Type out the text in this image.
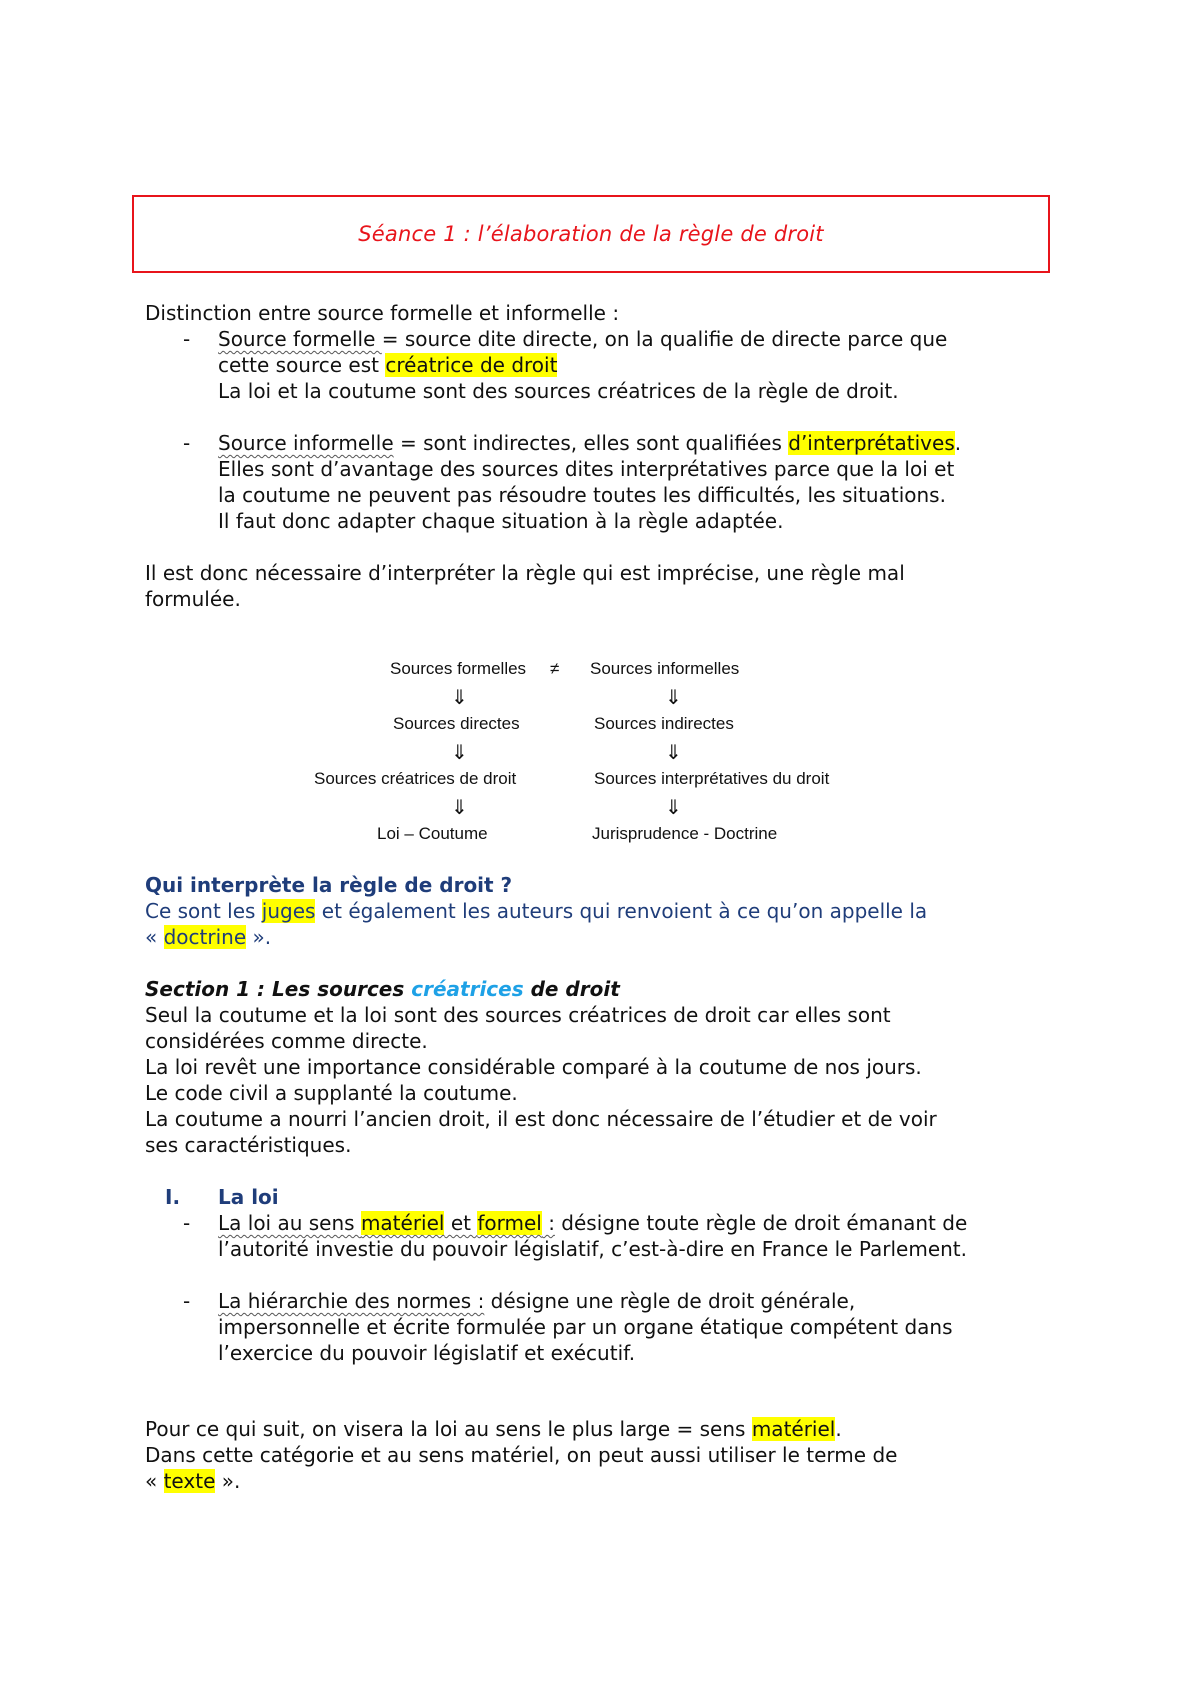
Séance 1 : l’élaboration de la règle de droit

Distinction entre source formelle et informelle :

- Source formelle = source dite directe, on la qualifie de directe parce que

cette source est créatrice de droit

La loi et la coutume sont des sources créatrices de la règle de droit.

- Source informelle = sont indirectes, elles sont qualifiées d’interprétatives.

Elles sont d’avantage des sources dites interprétatives parce que la loi et

la coutume ne peuvent pas résoudre toutes les difficultés, les situations.

Il faut donc adapter chaque situation à la règle adaptée.

Il est donc nécessaire d’interpréter la règle qui est imprécise, une règle mal

formulée.

Sources formelles ≠ Sources informelles
⇓	⇓
Sources directes	Sources indirectes
⇓	⇓
Sources créatrices de droit	Sources interprétatives du droit
⇓	⇓
Loi – Coutume	Jurisprudence - Doctrine

Qui interprète la règle de droit ?

Ce sont les juges et également les auteurs qui renvoient à ce qu’on appelle la

« doctrine ».

Section 1 : Les sources créatrices de droit

Seul la coutume et la loi sont des sources créatrices de droit car elles sont

considérées comme directe.

La loi revêt une importance considérable comparé à la coutume de nos jours.

Le code civil a supplanté la coutume.

La coutume a nourri l’ancien droit, il est donc nécessaire de l’étudier et de voir

ses caractéristiques.

I. La loi

- La loi au sens matériel et formel : désigne toute règle de droit émanant de

l’autorité investie du pouvoir législatif, c’est-à-dire en France le Parlement.

- La hiérarchie des normes : désigne une règle de droit générale,

impersonnelle et écrite formulée par un organe étatique compétent dans

l’exercice du pouvoir législatif et exécutif.

Pour ce qui suit, on visera la loi au sens le plus large = sens matériel.

Dans cette catégorie et au sens matériel, on peut aussi utiliser le terme de

« texte ».
